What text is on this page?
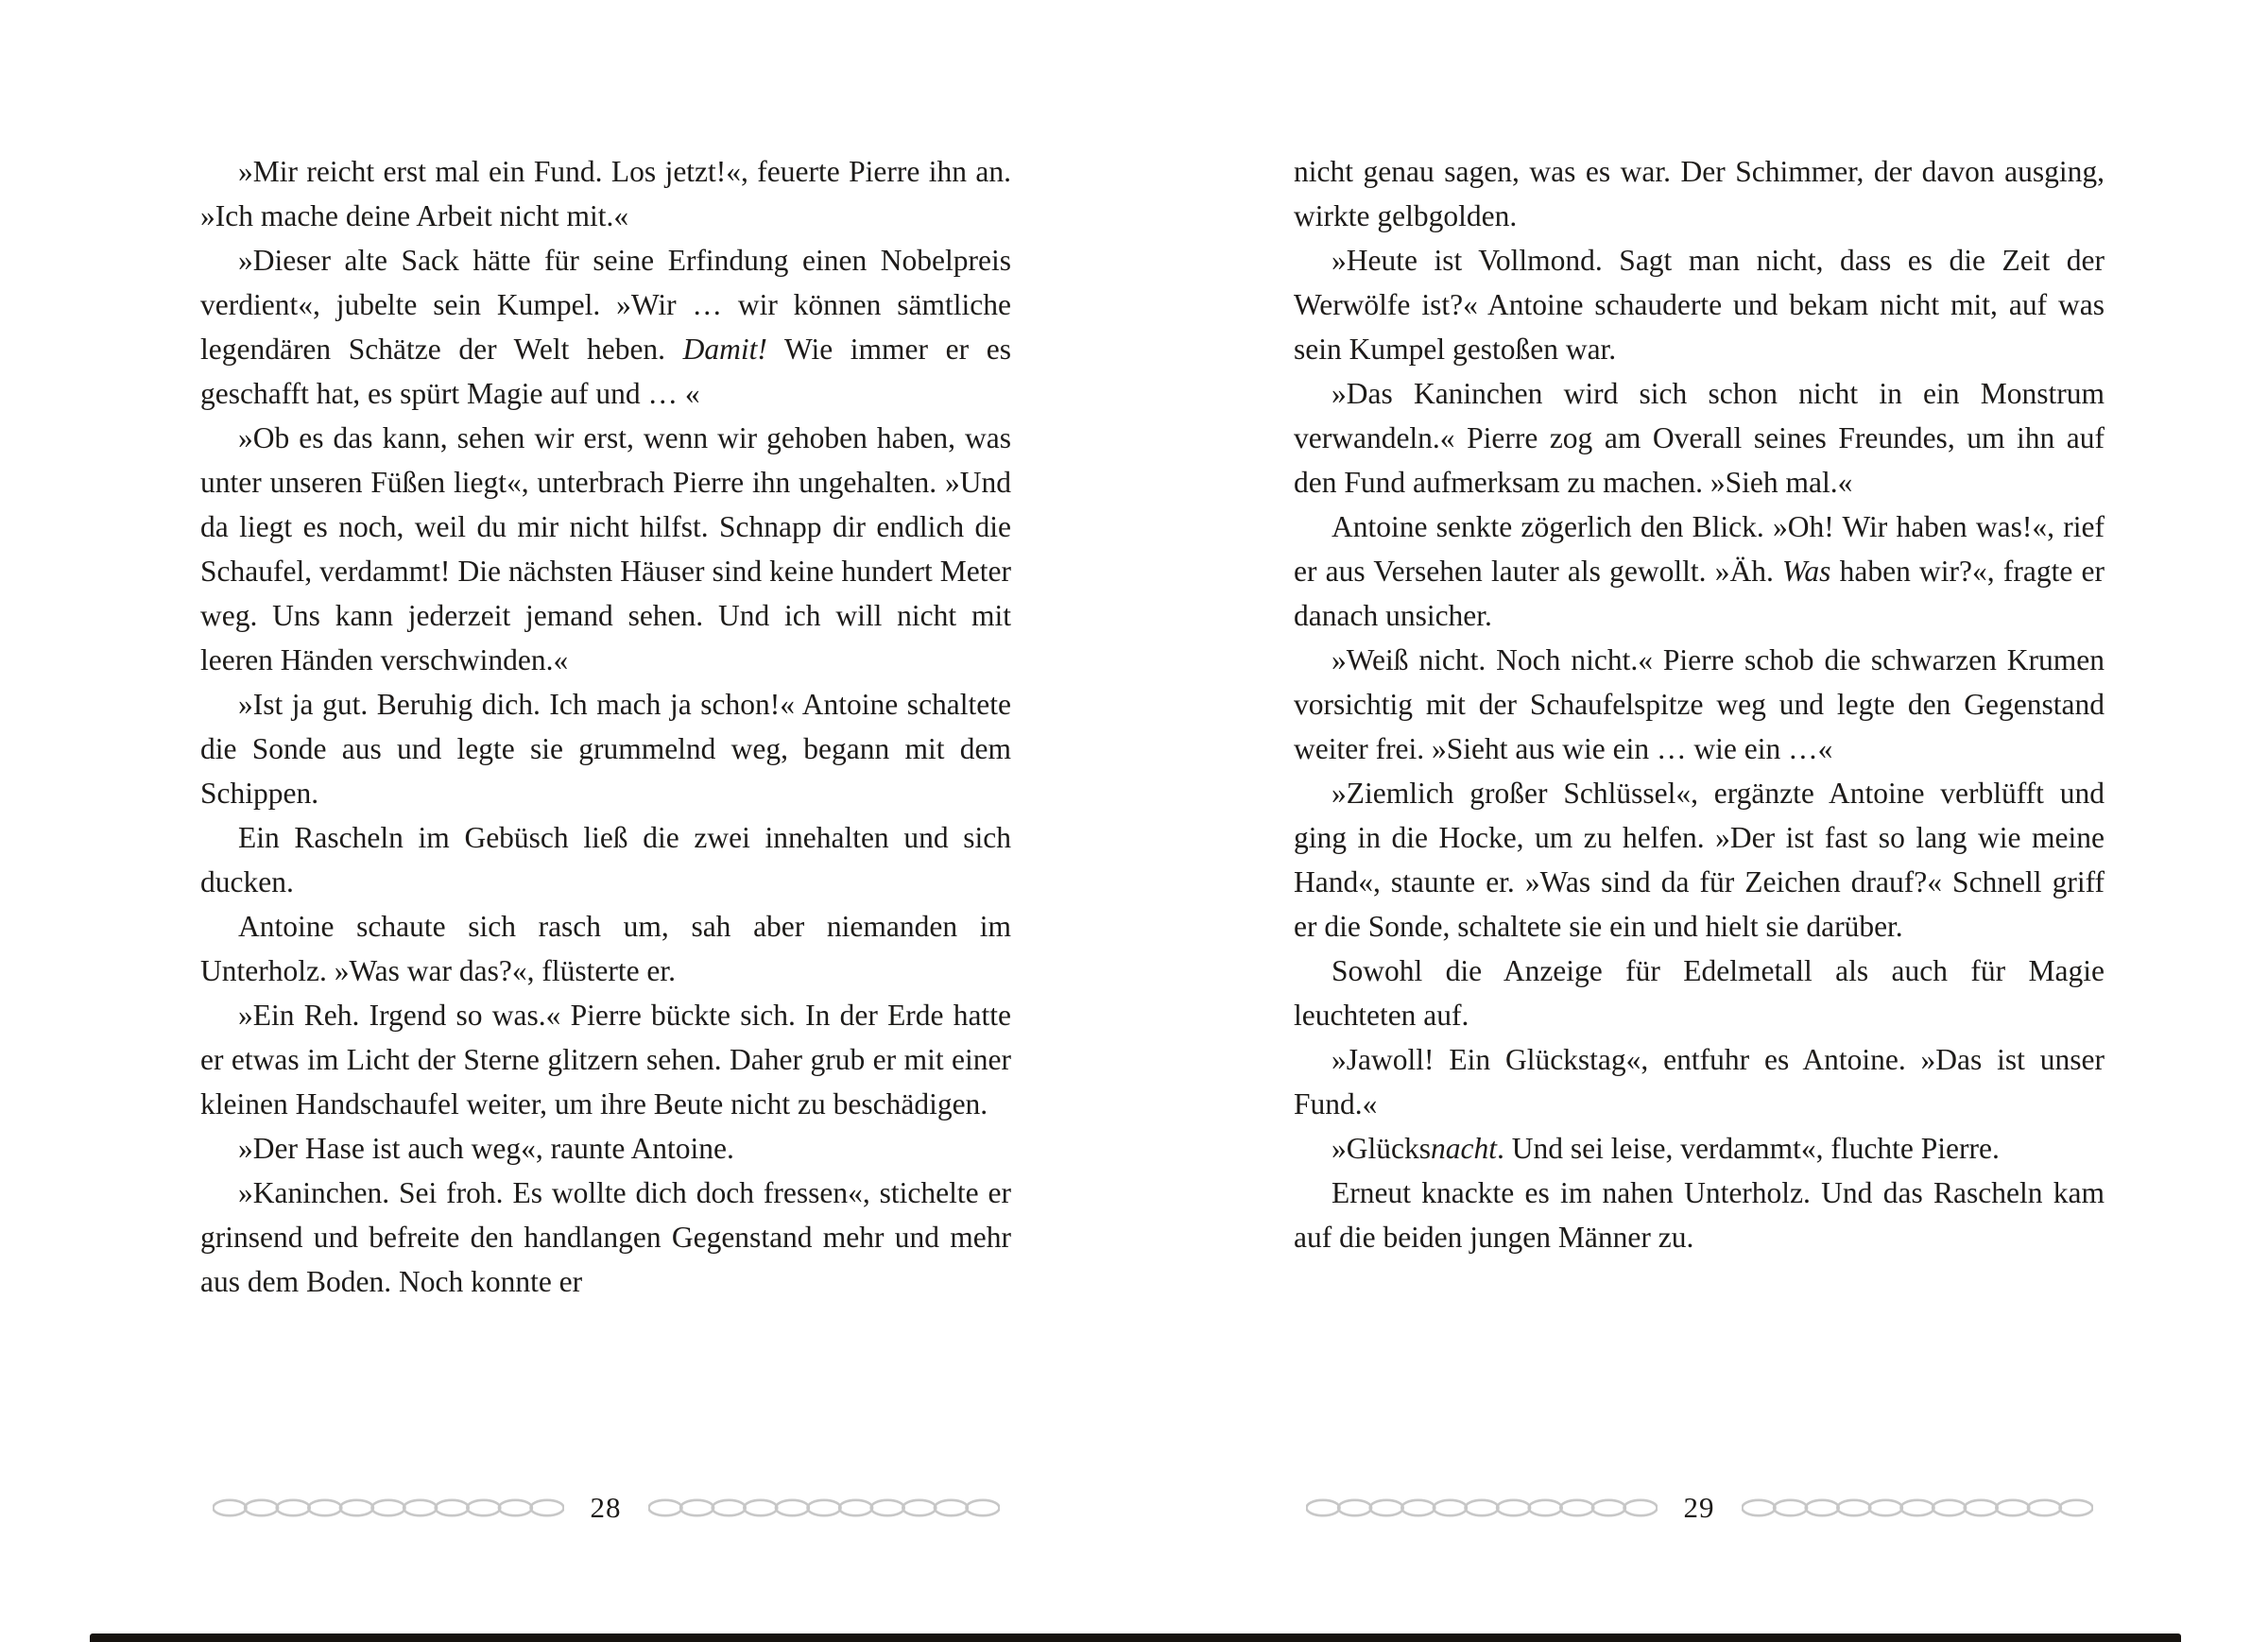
»Mir reicht erst mal ein Fund. Los jetzt!«, feuerte Pierre ihn an. »Ich mache deine Arbeit nicht mit.«

»Dieser alte Sack hätte für seine Erfindung einen Nobelpreis verdient«, jubelte sein Kumpel. »Wir … wir können sämtliche legendären Schätze der Welt heben. Damit! Wie immer er es geschafft hat, es spürt Magie auf und … «

»Ob es das kann, sehen wir erst, wenn wir gehoben haben, was unter unseren Füßen liegt«, unterbrach Pierre ihn ungehalten. »Und da liegt es noch, weil du mir nicht hilfst. Schnapp dir endlich die Schaufel, verdammt! Die nächsten Häuser sind keine hundert Meter weg. Uns kann jederzeit jemand sehen. Und ich will nicht mit leeren Händen verschwinden.«

»Ist ja gut. Beruhig dich. Ich mach ja schon!« Antoine schaltete die Sonde aus und legte sie grummelnd weg, begann mit dem Schippen.

Ein Rascheln im Gebüsch ließ die zwei innehalten und sich ducken.

Antoine schaute sich rasch um, sah aber niemanden im Unterholz. »Was war das?«, flüsterte er.

»Ein Reh. Irgend so was.« Pierre bückte sich. In der Erde hatte er etwas im Licht der Sterne glitzern sehen. Daher grub er mit einer kleinen Handschaufel weiter, um ihre Beute nicht zu beschädigen.

»Der Hase ist auch weg«, raunte Antoine.

»Kaninchen. Sei froh. Es wollte dich doch fressen«, stichelte er grinsend und befreite den handlangen Gegenstand mehr und mehr aus dem Boden. Noch konnte er

28

nicht genau sagen, was es war. Der Schimmer, der davon ausging, wirkte gelbgolden.

»Heute ist Vollmond. Sagt man nicht, dass es die Zeit der Werwölfe ist?« Antoine schauderte und bekam nicht mit, auf was sein Kumpel gestoßen war.

»Das Kaninchen wird sich schon nicht in ein Monstrum verwandeln.« Pierre zog am Overall seines Freundes, um ihn auf den Fund aufmerksam zu machen. »Sieh mal.«

Antoine senkte zögerlich den Blick. »Oh! Wir haben was!«, rief er aus Versehen lauter als gewollt. »Äh. Was haben wir?«, fragte er danach unsicher.

»Weiß nicht. Noch nicht.« Pierre schob die schwarzen Krumen vorsichtig mit der Schaufelspitze weg und legte den Gegenstand weiter frei. »Sieht aus wie ein … wie ein …«

»Ziemlich großer Schlüssel«, ergänzte Antoine verblüfft und ging in die Hocke, um zu helfen. »Der ist fast so lang wie meine Hand«, staunte er. »Was sind da für Zeichen drauf?« Schnell griff er die Sonde, schaltete sie ein und hielt sie darüber.

Sowohl die Anzeige für Edelmetall als auch für Magie leuchteten auf.

»Jawoll! Ein Glückstag«, entfuhr es Antoine. »Das ist unser Fund.«

»Glücksnacht. Und sei leise, verdammt«, fluchte Pierre.

Erneut knackte es im nahen Unterholz. Und das Rascheln kam auf die beiden jungen Männer zu.

29
